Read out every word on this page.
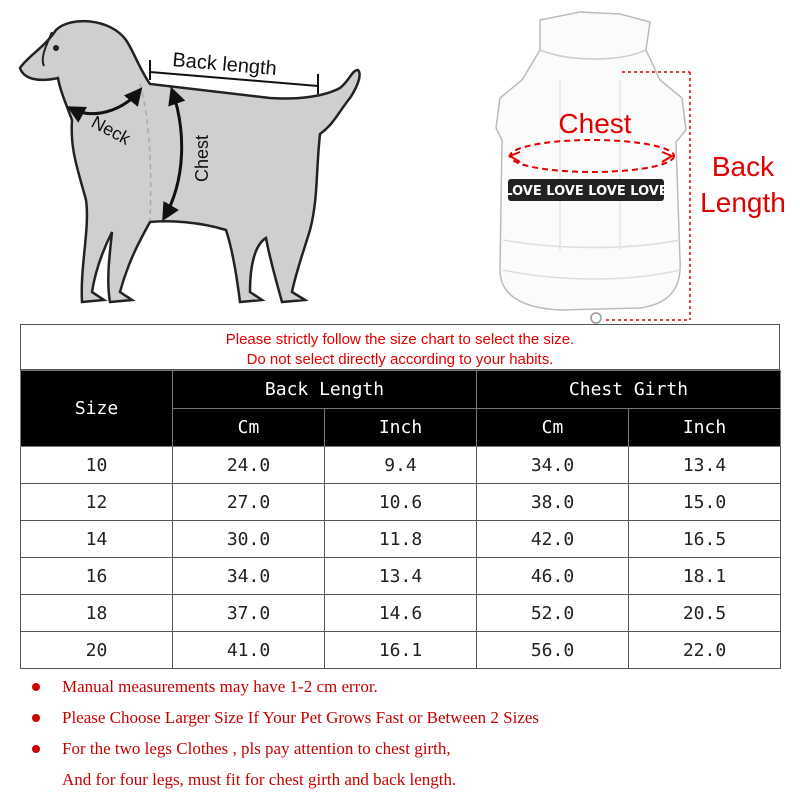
Back length
Neck
Chest
LOVE LOVE LOVE LOVE
Chest
Back
Length
Please strictly follow the size chart to select the size.
Do not select directly according to your habits.
Size	Back Length		Chest Girth	
	Cm	Inch	Cm	Inch
10	24.0	9.4	34.0	13.4
12	27.0	10.6	38.0	15.0
14	30.0	11.8	42.0	16.5
16	34.0	13.4	46.0	18.1
18	37.0	14.6	52.0	20.5
20	41.0	16.1	56.0	22.0
Manual measurements may have 1-2 cm error.
Please Choose Larger Size If Your Pet Grows Fast or Between 2 Sizes
For the two legs Clothes , pls pay attention to chest girth,
And for four legs, must fit for chest girth and back length.
